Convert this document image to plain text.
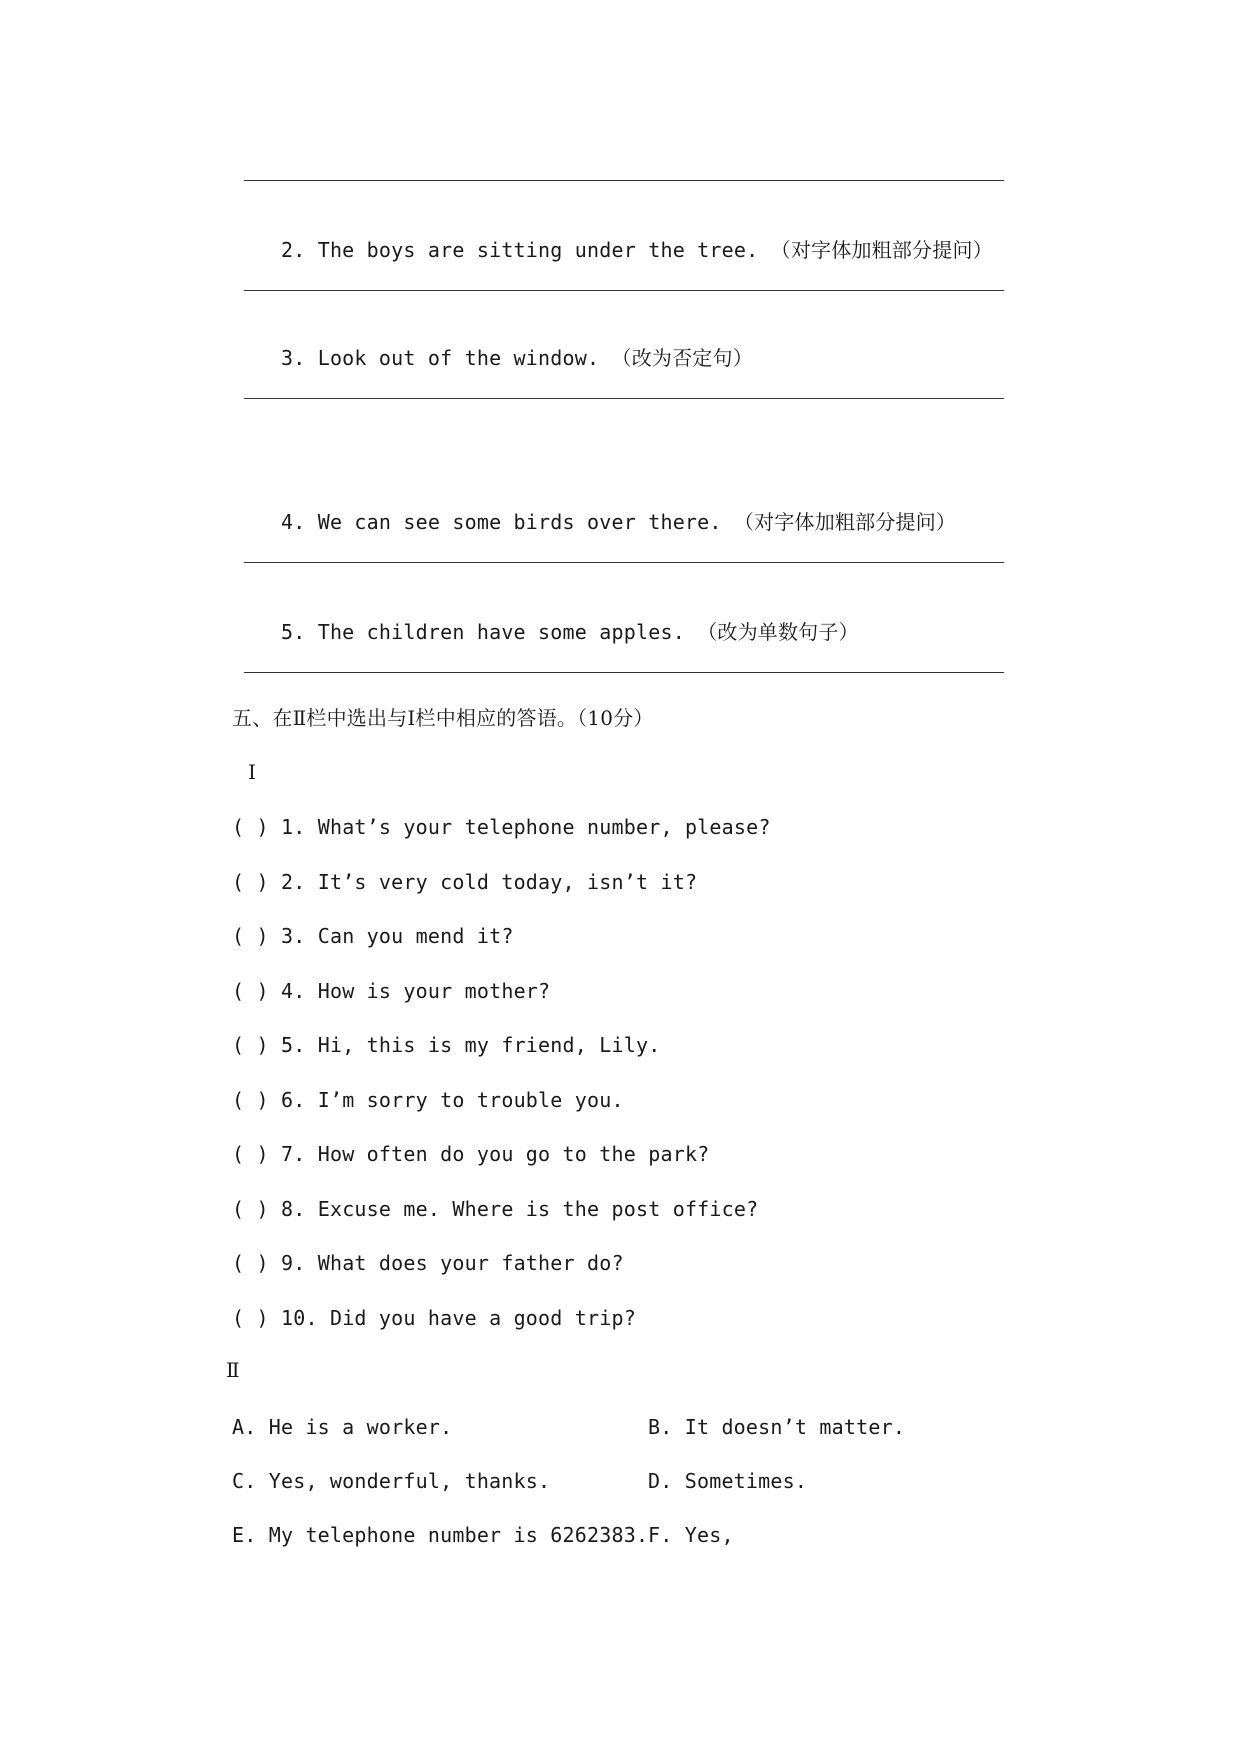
2. The boys are sitting under the tree. （对字体加粗部分提问）

3. Look out of the window. （改为否定句）

4. We can see some birds over there. （对字体加粗部分提问）

5. The children have some apples. （改为单数句子）

五、在Ⅱ栏中选出与Ⅰ栏中相应的答语。（10分）
Ⅰ
( ) 1. What’s your telephone number, please?
( ) 2. It’s very cold today, isn’t it?
( ) 3. Can you mend it?
( ) 4. How is your mother?
( ) 5. Hi, this is my friend, Lily.
( ) 6. I’m sorry to trouble you.
( ) 7. How often do you go to the park?
( ) 8. Excuse me. Where is the post office?
( ) 9. What does your father do?
( ) 10. Did you have a good trip?
Ⅱ
A. He is a worker.	B. It doesn’t matter.
C. Yes, wonderful, thanks.	D. Sometimes.
E. My telephone number is 6262383. F. Yes,
